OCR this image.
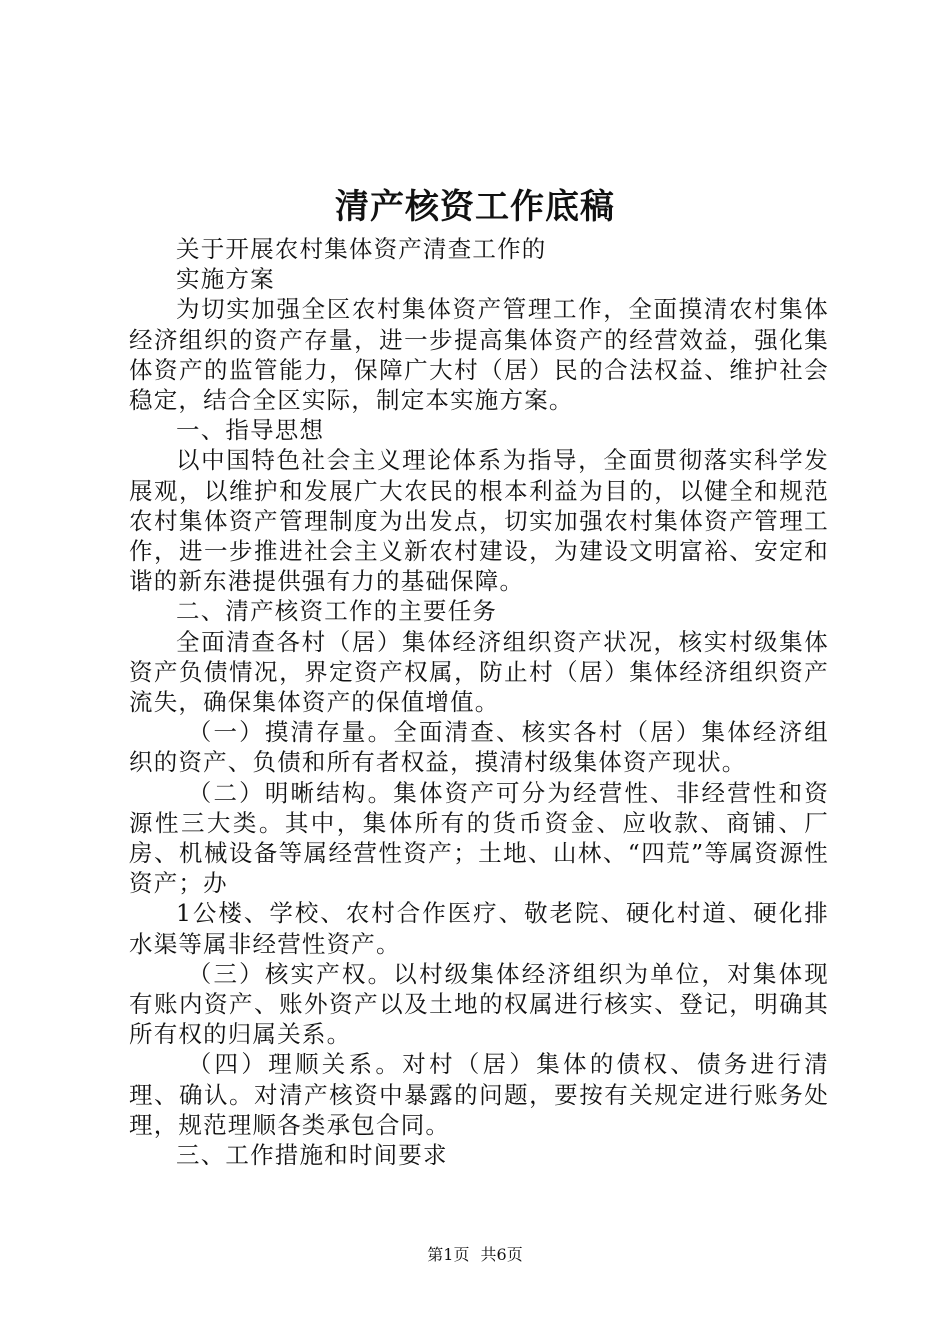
清产核资工作底稿

关于开展农村集体资产清查工作的

实施方案

为切实加强全区农村集体资产管理工作，全面摸清农村集体经济组织的资产存量，进一步提高集体资产的经营效益，强化集体资产的监管能力，保障广大村（居）民的合法权益、维护社会稳定，结合全区实际，制定本实施方案。

一、指导思想

以中国特色社会主义理论体系为指导，全面贯彻落实科学发展观，以维护和发展广大农民的根本利益为目的，以健全和规范农村集体资产管理制度为出发点，切实加强农村集体资产管理工作，进一步推进社会主义新农村建设，为建设文明富裕、安定和谐的新东港提供强有力的基础保障。

二、清产核资工作的主要任务

全面清查各村（居）集体经济组织资产状况，核实村级集体资产负债情况，界定资产权属，防止村（居）集体经济组织资产流失，确保集体资产的保值增值。

（一）摸清存量。全面清查、核实各村（居）集体经济组织的资产、负债和所有者权益，摸清村级集体资产现状。

（二）明晰结构。集体资产可分为经营性、非经营性和资源性三大类。其中，集体所有的货币资金、应收款、商铺、厂房、机械设备等属经营性资产；土地、山林、“四荒”等属资源性资产；办

1公楼、学校、农村合作医疗、敬老院、硬化村道、硬化排水渠等属非经营性资产。

（三）核实产权。以村级集体经济组织为单位，对集体现有账内资产、账外资产以及土地的权属进行核实、登记，明确其所有权的归属关系。

（四）理顺关系。对村（居）集体的债权、债务进行清理、确认。对清产核资中暴露的问题，要按有关规定进行账务处理，规范理顺各类承包合同。

三、工作措施和时间要求

第1页 共6页
